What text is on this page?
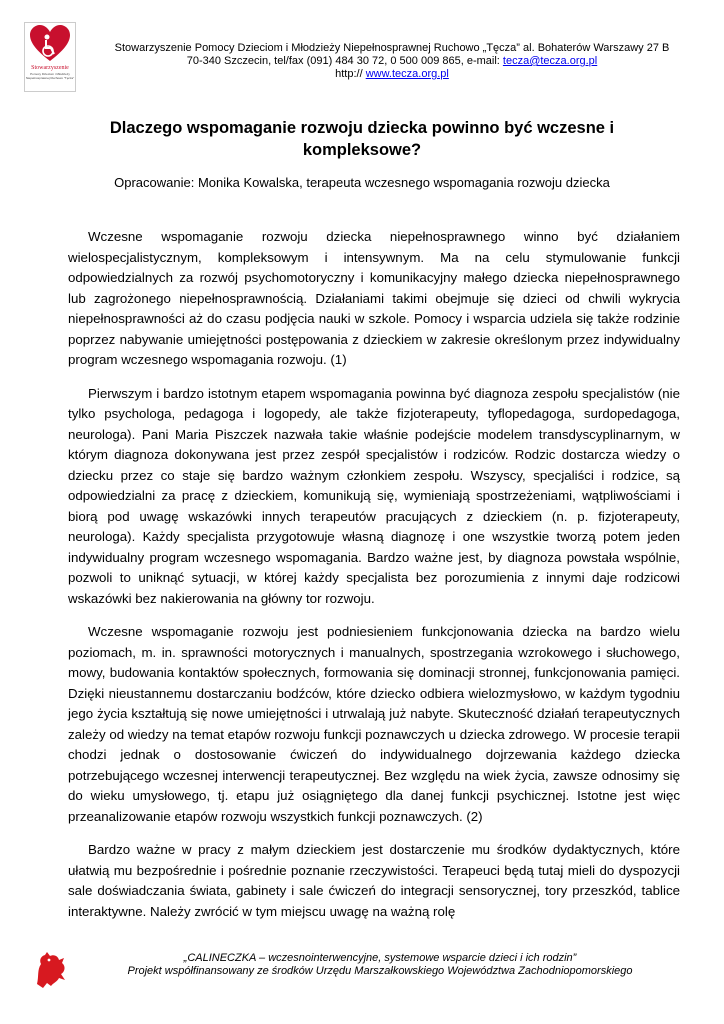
Stowarzyszenie
Pomocy Dzieciom i Młodzieży Niepełnosprawnej Ruchowo "Tęcza"
Stowarzyszenie Pomocy Dzieciom i Młodzieży Niepełnosprawnej Ruchowo „Tęcza” al. Bohaterów Warszawy 27 B
70-340 Szczecin, tel/fax (091) 484 30 72, 0 500 009 865, e-mail: tecza@tecza.org.pl
http:// www.tecza.org.pl
Dlaczego wspomaganie rozwoju dziecka powinno być wczesne i kompleksowe?
Opracowanie: Monika Kowalska, terapeuta wczesnego wspomagania rozwoju dziecka

Wczesne wspomaganie rozwoju dziecka niepełnosprawnego winno być działaniem wielospecjalistycznym, kompleksowym i intensywnym. Ma na celu stymulowanie funkcji odpowiedzialnych za rozwój psychomotoryczny i komunikacyjny małego dziecka niepełnosprawnego lub zagrożonego niepełnosprawnością. Działaniami takimi obejmuje się dzieci od chwili wykrycia niepełnosprawności aż do czasu podjęcia nauki w szkole. Pomocy i wsparcia udziela się także rodzinie poprzez nabywanie umiejętności postępowania z dzieckiem w zakresie określonym przez indywidualny program wczesnego wspomagania rozwoju. (1)

Pierwszym i bardzo istotnym etapem wspomagania powinna być diagnoza zespołu specjalistów (nie tylko psychologa, pedagoga i logopedy, ale także fizjoterapeuty, tyflopedagoga, surdopedagoga, neurologa). Pani Maria Piszczek nazwała takie właśnie podejście modelem transdyscyplinarnym, w którym diagnoza dokonywana jest przez zespół specjalistów i rodziców. Rodzic dostarcza wiedzy o dziecku przez co staje się bardzo ważnym członkiem zespołu. Wszyscy, specjaliści i rodzice, są odpowiedzialni za pracę z dzieckiem, komunikują się, wymieniają spostrzeżeniami, wątpliwościami i biorą pod uwagę wskazówki innych terapeutów pracujących z dzieckiem (n. p. fizjoterapeuty, neurologa). Każdy specjalista przygotowuje własną diagnozę i one wszystkie tworzą potem jeden indywidualny program wczesnego wspomagania. Bardzo ważne jest, by diagnoza powstała wspólnie, pozwoli to uniknąć sytuacji, w której każdy specjalista bez porozumienia z innymi daje rodzicowi wskazówki bez nakierowania na główny tor rozwoju.

Wczesne wspomaganie rozwoju jest podniesieniem funkcjonowania dziecka na bardzo wielu poziomach, m. in. sprawności motorycznych i manualnych, spostrzegania wzrokowego i słuchowego, mowy, budowania kontaktów społecznych, formowania się dominacji stronnej, funkcjonowania pamięci. Dzięki nieustannemu dostarczaniu bodźców, które dziecko odbiera wielozmysłowo, w każdym tygodniu jego życia kształtują się nowe umiejętności i utrwalają już nabyte. Skuteczność działań terapeutycznych zależy od wiedzy na temat etapów rozwoju funkcji poznawczych u dziecka zdrowego. W procesie terapii chodzi jednak o dostosowanie ćwiczeń do indywidualnego dojrzewania każdego dziecka potrzebującego wczesnej interwencji terapeutycznej. Bez względu na wiek życia, zawsze odnosimy się do wieku umysłowego, tj. etapu już osiągniętego dla danej funkcji psychicznej. Istotne jest więc przeanalizowanie etapów rozwoju wszystkich funkcji poznawczych. (2)

Bardzo ważne w pracy z małym dzieckiem jest dostarczenie mu środków dydaktycznych, które ułatwią mu bezpośrednie i pośrednie poznanie rzeczywistości. Terapeuci będą tutaj mieli do dyspozycji sale doświadczania świata, gabinety i sale ćwiczeń do integracji sensorycznej, tory przeszkód, tablice interaktywne. Należy zwrócić w tym miejscu uwagę na ważną rolę

„CALINECZKA – wczesnointerwencyjne, systemowe wsparcie dzieci i ich rodzin”
Projekt współfinansowany ze środków Urzędu Marszałkowskiego Województwa Zachodniopomorskiego
